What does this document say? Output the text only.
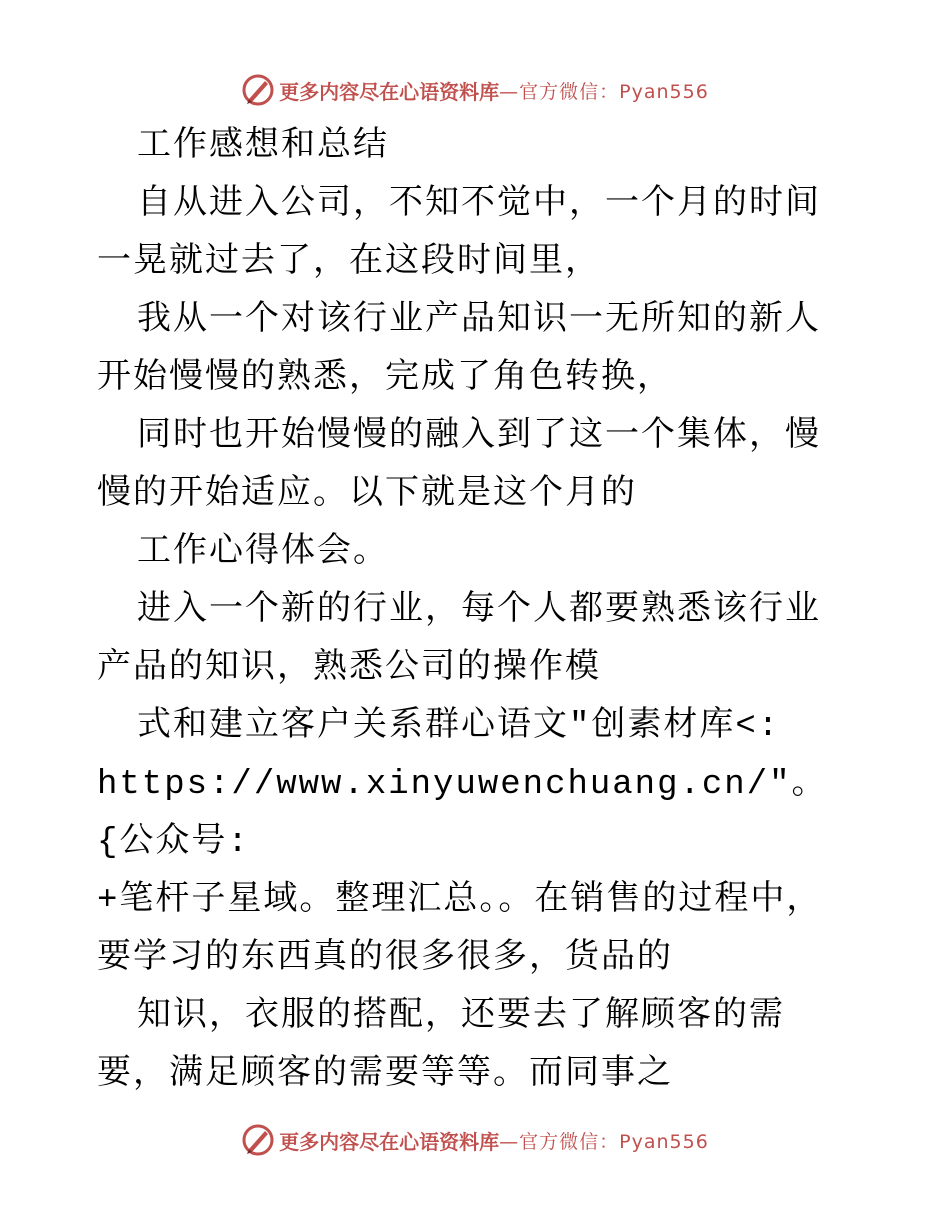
更多内容尽在心语资料库 —官方微信：Pyan556

工作感想和总结

自从进入公司，不知不觉中，一个月的时间一晃就过去了，在这段时间里，

我从一个对该行业产品知识一无所知的新人开始慢慢的熟悉，完成了角色转换，

同时也开始慢慢的融入到了这一个集体，慢慢的开始适应。以下就是这个月的

工作心得体会。

进入一个新的行业，每个人都要熟悉该行业产品的知识，熟悉公司的操作模

式和建立客户关系群心语文"创素材库<:

https://www.xinyuwenchuang.cn/"。{公众号:

+笔杆子星域。整理汇总。。在销售的过程中，要学习的东西真的很多很多，货品的

知识，衣服的搭配，还要去了解顾客的需要，满足顾客的需要等等。而同事之

更多内容尽在心语资料库 —官方微信：Pyan556
